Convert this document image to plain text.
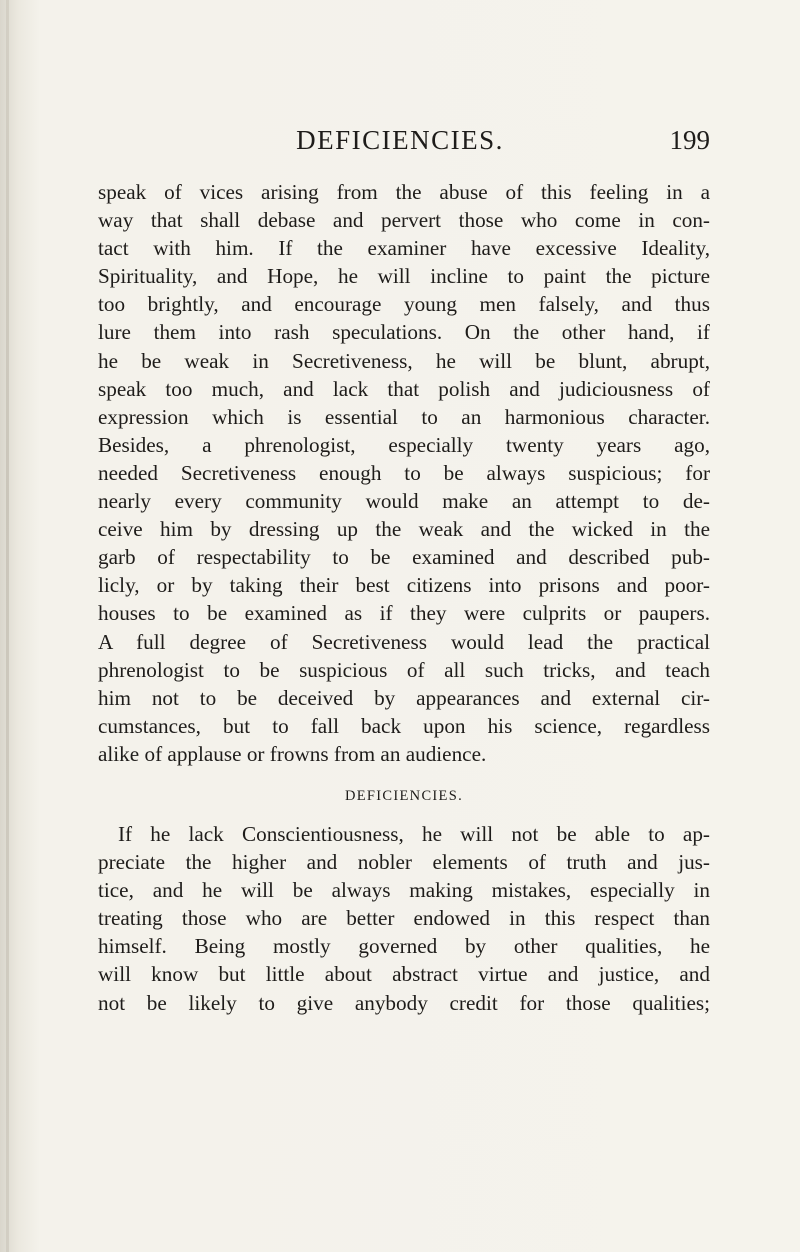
DEFICIENCIES.	199
speak of vices arising from the abuse of this feeling in a
way that shall debase and pervert those who come in con-
tact with him. If the examiner have excessive Ideality,
Spirituality, and Hope, he will incline to paint the picture
too brightly, and encourage young men falsely, and thus
lure them into rash speculations. On the other hand, if
he be weak in Secretiveness, he will be blunt, abrupt,
speak too much, and lack that polish and judiciousness of
expression which is essential to an harmonious character.
Besides, a phrenologist, especially twenty years ago,
needed Secretiveness enough to be always suspicious; for
nearly every community would make an attempt to de-
ceive him by dressing up the weak and the wicked in the
garb of respectability to be examined and described pub-
licly, or by taking their best citizens into prisons and poor-
houses to be examined as if they were culprits or paupers.
A full degree of Secretiveness would lead the practical
phrenologist to be suspicious of all such tricks, and teach
him not to be deceived by appearances and external cir-
cumstances, but to fall back upon his science, regardless
alike of applause or frowns from an audience.
DEFICIENCIES.
If he lack Conscientiousness, he will not be able to ap-
preciate the higher and nobler elements of truth and jus-
tice, and he will be always making mistakes, especially in
treating those who are better endowed in this respect than
himself. Being mostly governed by other qualities, he
will know but little about abstract virtue and justice, and
not be likely to give anybody credit for those qualities;
